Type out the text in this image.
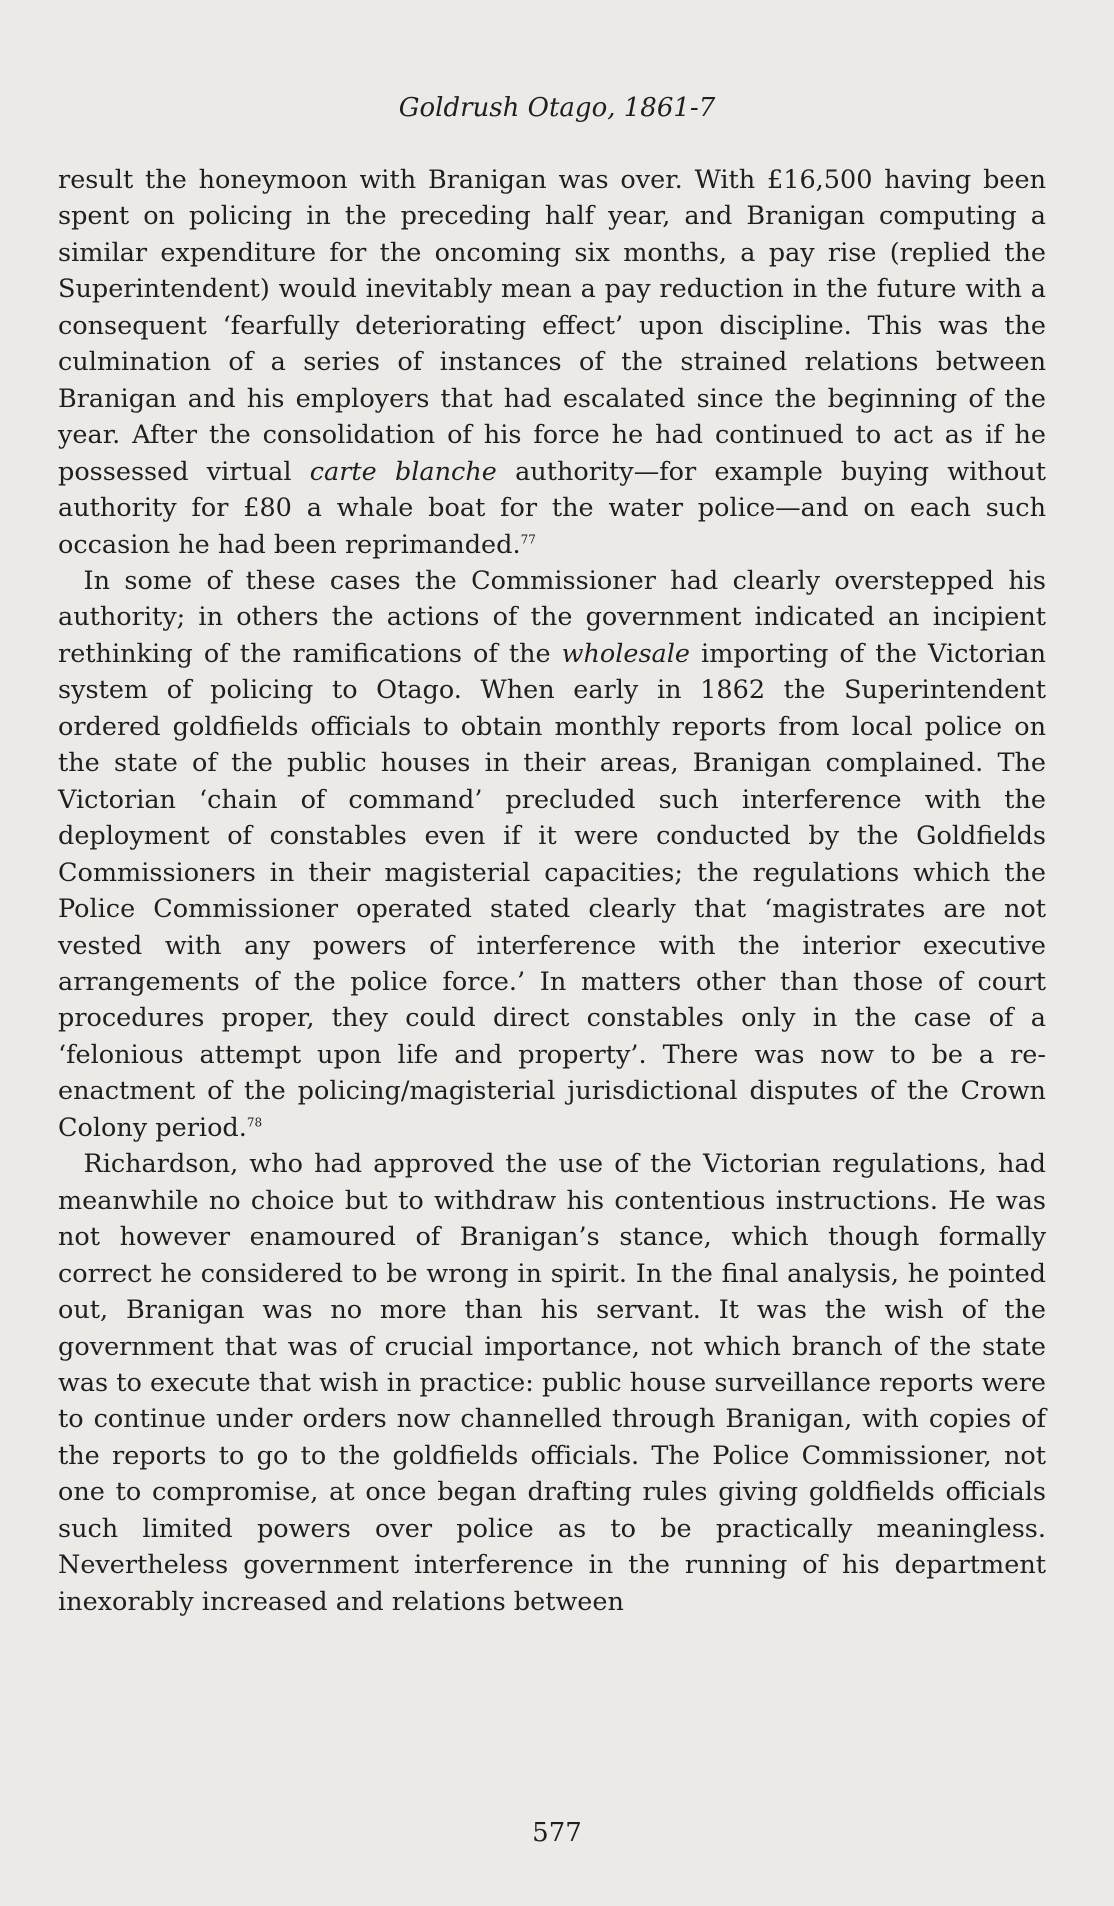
Goldrush Otago, 1861-7

result the honeymoon with Branigan was over. With £16,500 having been spent on policing in the preceding half year, and Branigan computing a similar expenditure for the oncoming six months, a pay rise (replied the Superintendent) would inevitably mean a pay reduction in the future with a consequent ‘fearfully deteriorating effect’ upon discipline. This was the culmination of a series of instances of the strained relations between Branigan and his employers that had escalated since the beginning of the year. After the consolidation of his force he had continued to act as if he possessed virtual carte blanche authority—for example buying without authority for £80 a whale boat for the water police—and on each such occasion he had been reprimanded.$^{77}$

In some of these cases the Commissioner had clearly overstepped his authority; in others the actions of the government indicated an incipient rethinking of the ramifications of the wholesale importing of the Victorian system of policing to Otago. When early in 1862 the Superintendent ordered goldfields officials to obtain monthly reports from local police on the state of the public houses in their areas, Branigan complained. The Victorian ‘chain of command’ precluded such interference with the deployment of constables even if it were conducted by the Goldfields Commissioners in their magisterial capacities; the regulations which the Police Commissioner operated stated clearly that ‘magistrates are not vested with any powers of interference with the interior executive arrangements of the police force.’ In matters other than those of court procedures proper, they could direct constables only in the case of a ‘felonious attempt upon life and property’. There was now to be a re-enactment of the policing/magisterial jurisdictional disputes of the Crown Colony period.$^{78}$

Richardson, who had approved the use of the Victorian regulations, had meanwhile no choice but to withdraw his contentious instructions. He was not however enamoured of Branigan’s stance, which though formally correct he considered to be wrong in spirit. In the final analysis, he pointed out, Branigan was no more than his servant. It was the wish of the government that was of crucial importance, not which branch of the state was to execute that wish in practice: public house surveillance reports were to continue under orders now channelled through Branigan, with copies of the reports to go to the goldfields officials. The Police Commissioner, not one to compromise, at once began drafting rules giving goldfields officials such limited powers over police as to be practically meaningless. Nevertheless government interference in the running of his department inexorably increased and relations between

577
